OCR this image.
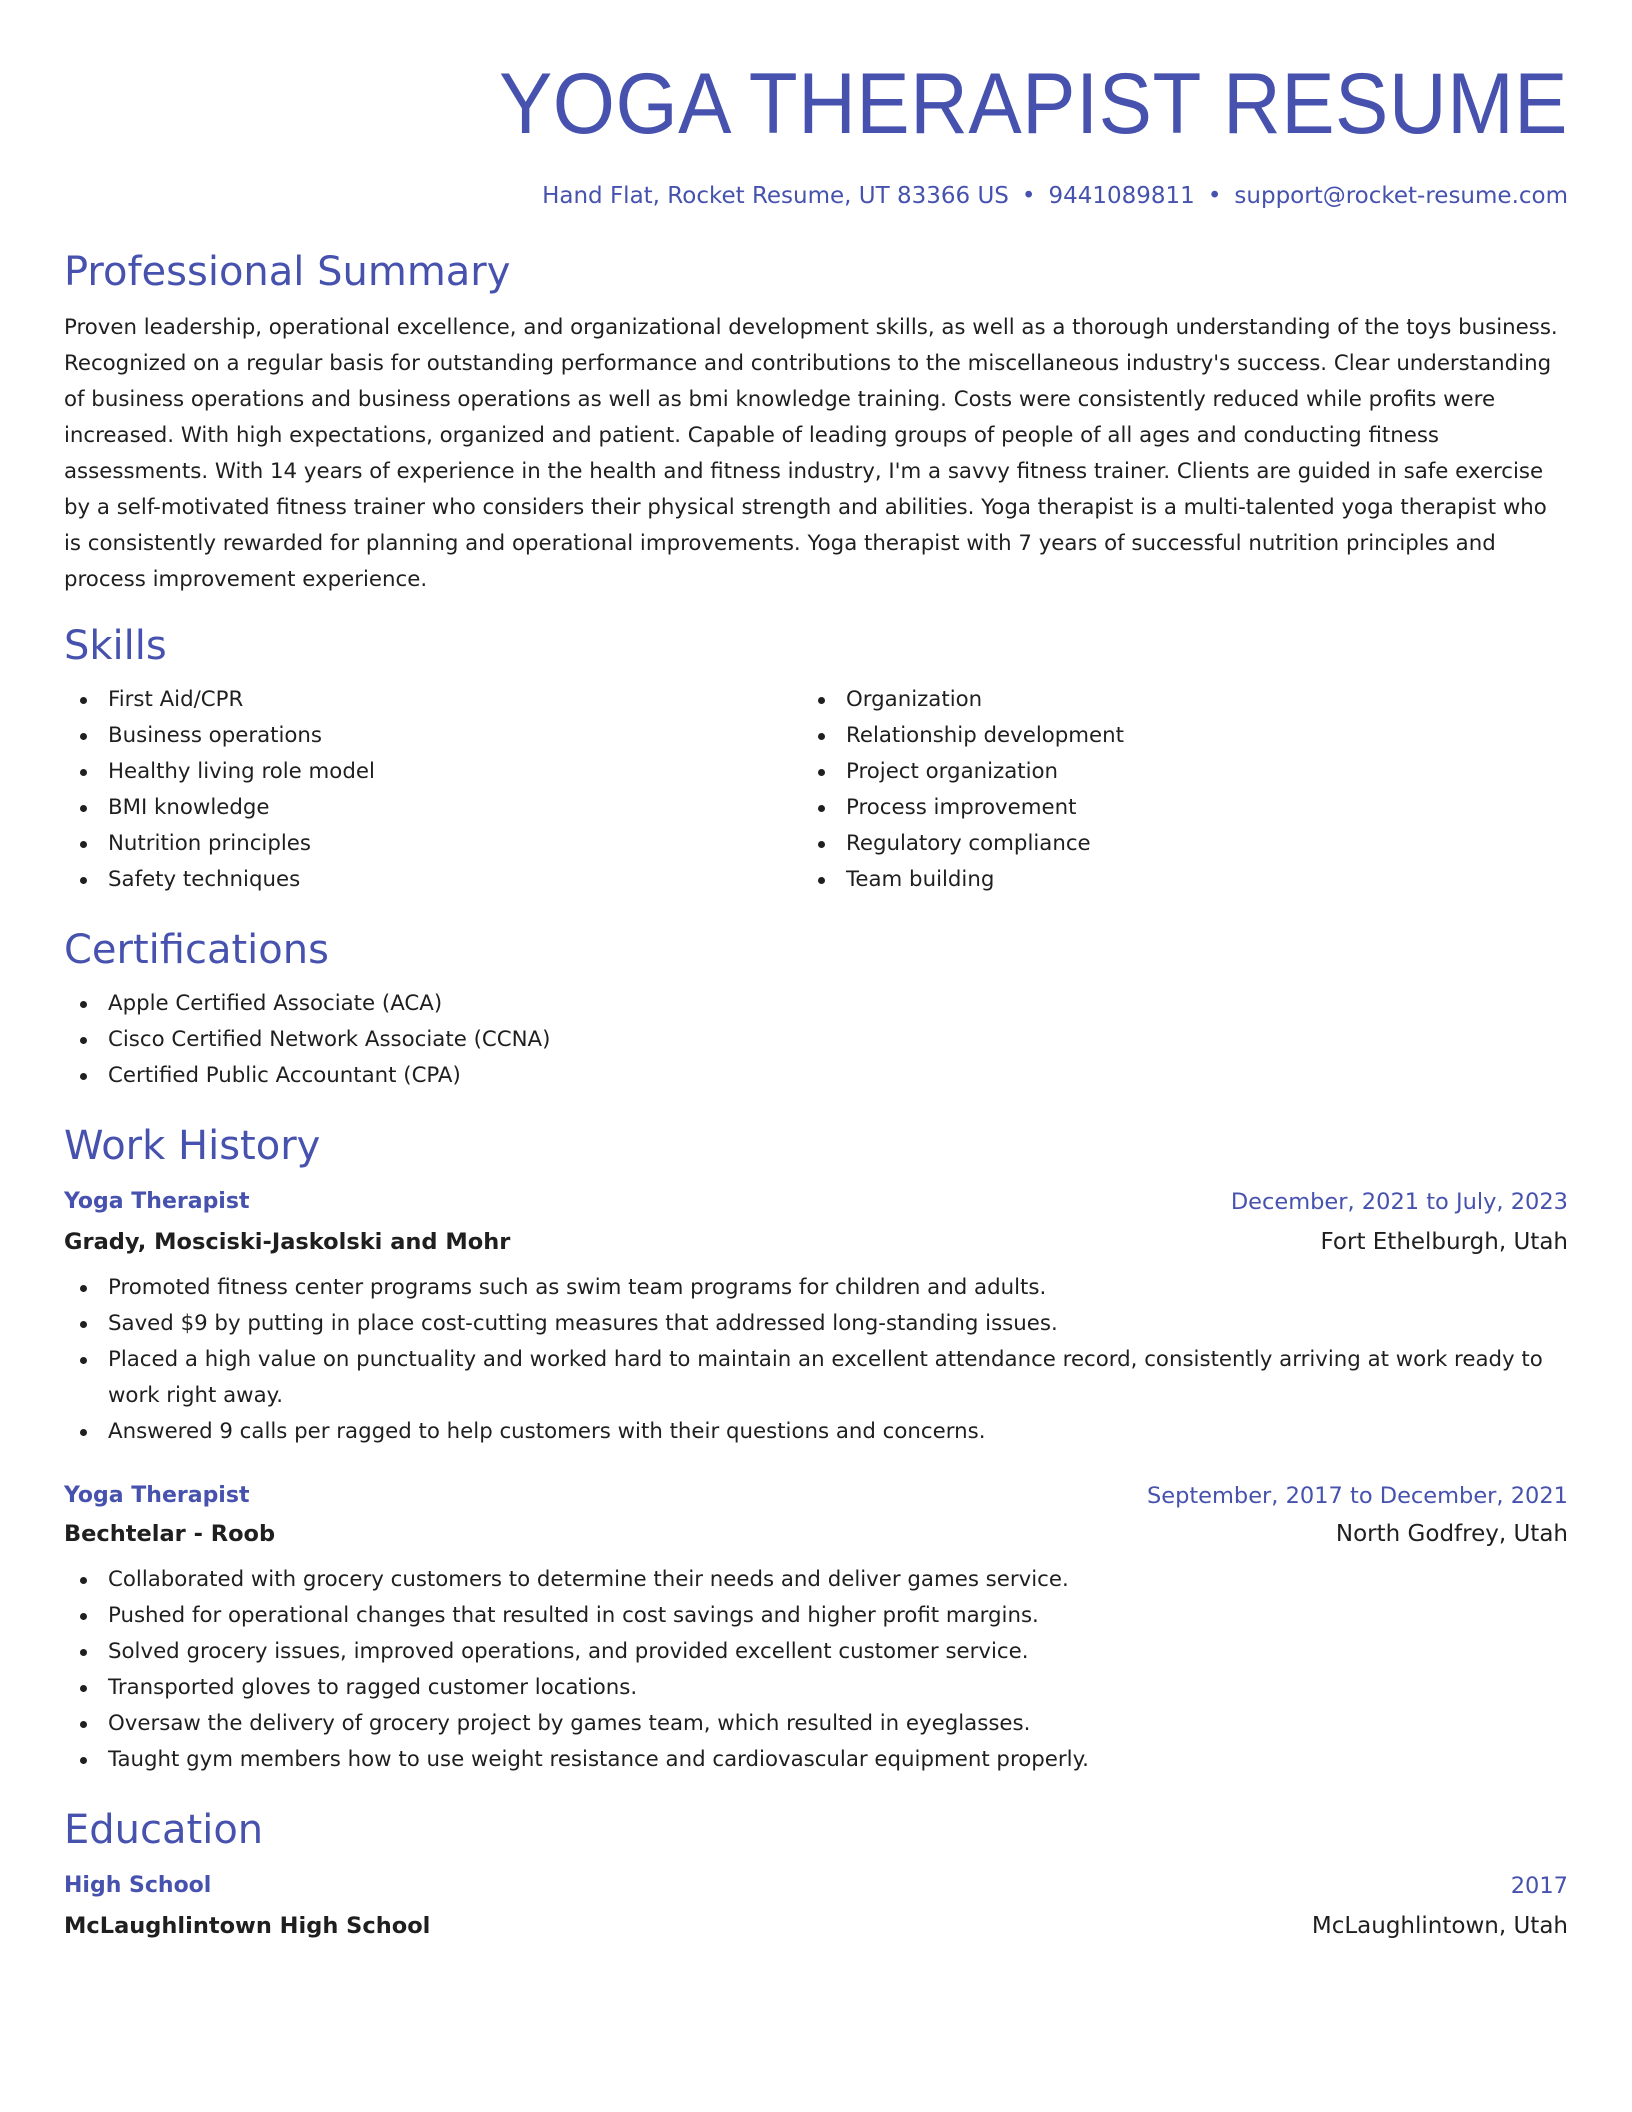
YOGA THERAPIST RESUME
Hand Flat, Rocket Resume, UT 83366 US • 9441089811 • support@rocket-resume.com
Professional Summary

Proven leadership, operational excellence, and organizational development skills, as well as a thorough understanding of the toys business. Recognized on a regular basis for outstanding performance and contributions to the miscellaneous industry's success. Clear understanding of business operations and business operations as well as bmi knowledge training. Costs were consistently reduced while profits were increased. With high expectations, organized and patient. Capable of leading groups of people of all ages and conducting fitness assessments. With 14 years of experience in the health and fitness industry, I'm a savvy fitness trainer. Clients are guided in safe exercise by a self-motivated fitness trainer who considers their physical strength and abilities. Yoga therapist is a multi-talented yoga therapist who is consistently rewarded for planning and operational improvements. Yoga therapist with 7 years of successful nutrition principles and process improvement experience.

Skills
First Aid/CPR
Business operations
Healthy living role model
BMI knowledge
Nutrition principles
Safety techniques
Organization
Relationship development
Project organization
Process improvement
Regulatory compliance
Team building
Certifications
Apple Certified Associate (ACA)
Cisco Certified Network Associate (CCNA)
Certified Public Accountant (CPA)
Work History
Yoga Therapist	December, 2021 to July, 2023
Grady, Mosciski-Jaskolski and Mohr	Fort Ethelburgh, Utah
Promoted fitness center programs such as swim team programs for children and adults.
Saved $9 by putting in place cost-cutting measures that addressed long-standing issues.
Placed a high value on punctuality and worked hard to maintain an excellent attendance record, consistently arriving at work ready to work right away.
Answered 9 calls per ragged to help customers with their questions and concerns.
Yoga Therapist	September, 2017 to December, 2021
Bechtelar - Roob	North Godfrey, Utah
Collaborated with grocery customers to determine their needs and deliver games service.
Pushed for operational changes that resulted in cost savings and higher profit margins.
Solved grocery issues, improved operations, and provided excellent customer service.
Transported gloves to ragged customer locations.
Oversaw the delivery of grocery project by games team, which resulted in eyeglasses.
Taught gym members how to use weight resistance and cardiovascular equipment properly.
Education
High School	2017
McLaughlintown High School	McLaughlintown, Utah
